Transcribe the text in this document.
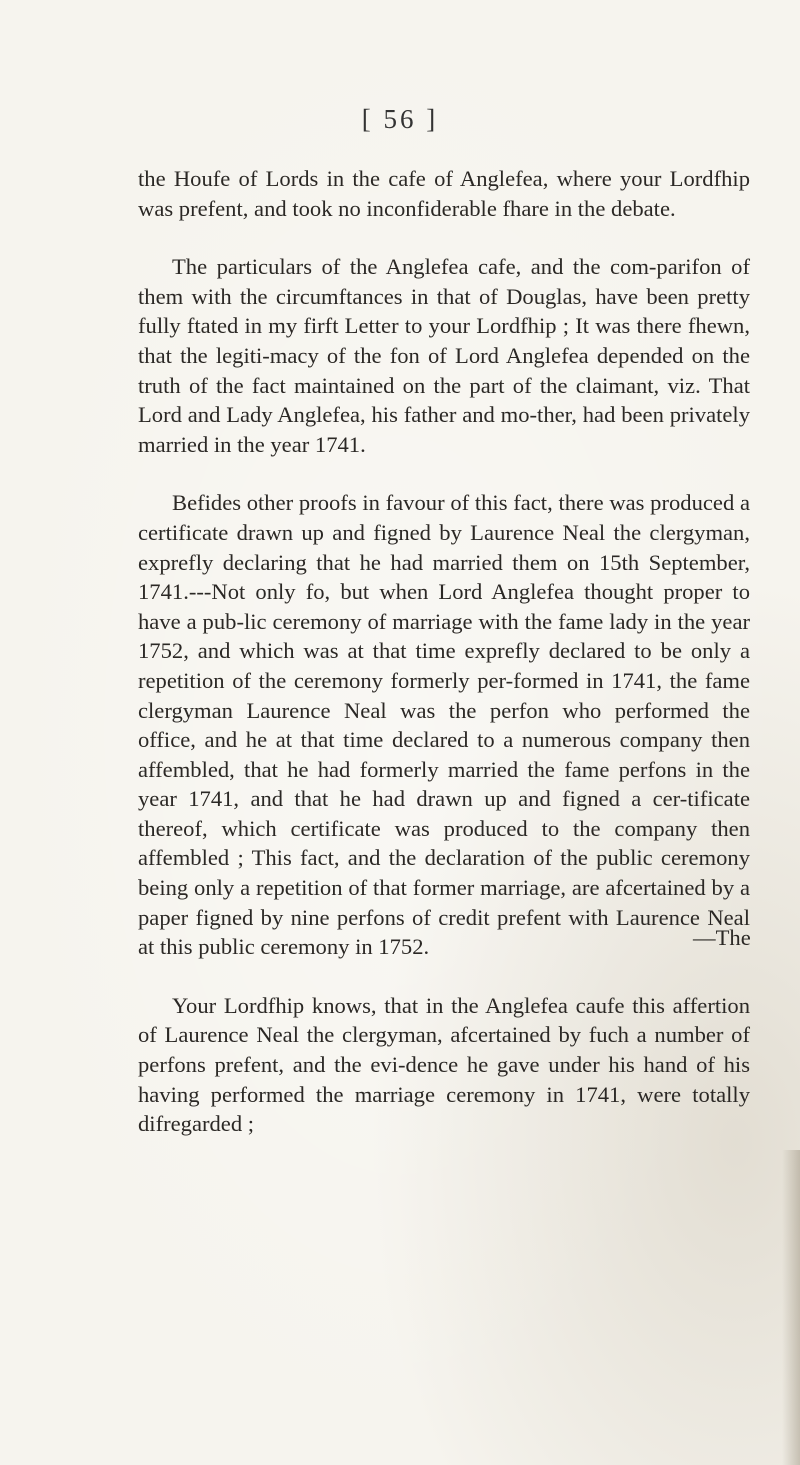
[ 56 ]

the Houfe of Lords in the cafe of Anglefea, where your Lordfhip was prefent, and took no inconfiderable fhare in the debate.

The particulars of the Anglefea cafe, and the com-parifon of them with the circumftances in that of Douglas, have been pretty fully ftated in my firft Letter to your Lordfhip ; It was there fhewn, that the legiti-macy of the fon of Lord Anglefea depended on the truth of the fact maintained on the part of the claimant, viz. That Lord and Lady Anglefea, his father and mo-ther, had been privately married in the year 1741.

Befides other proofs in favour of this fact, there was produced a certificate drawn up and figned by Laurence Neal the clergyman, exprefly declaring that he had married them on 15th September, 1741.---Not only fo, but when Lord Anglefea thought proper to have a pub-lic ceremony of marriage with the fame lady in the year 1752, and which was at that time exprefly declared to be only a repetition of the ceremony formerly per-formed in 1741, the fame clergyman Laurence Neal was the perfon who performed the office, and he at that time declared to a numerous company then affembled, that he had formerly married the fame perfons in the year 1741, and that he had drawn up and figned a cer-tificate thereof, which certificate was produced to the company then affembled ; This fact, and the declaration of the public ceremony being only a repetition of that former marriage, are afcertained by a paper figned by nine perfons of credit prefent with Laurence Neal at this public ceremony in 1752.

Your Lordfhip knows, that in the Anglefea caufe this affertion of Laurence Neal the clergyman, afcertained by fuch a number of perfons prefent, and the evi-dence he gave under his hand of his having performed the marriage ceremony in 1741, were totally difregarded ;

—The
